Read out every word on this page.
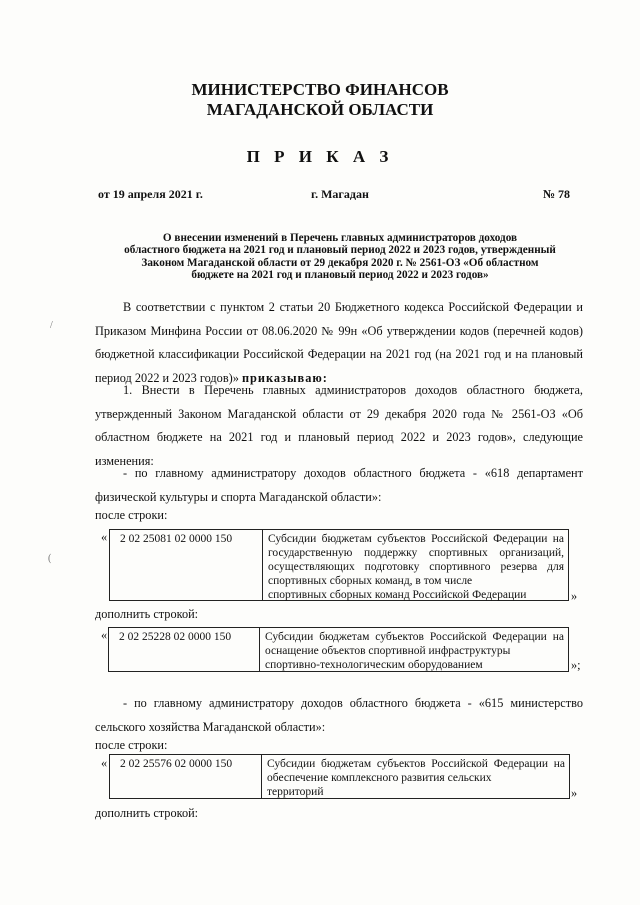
МИНИСТЕРСТВО ФИНАНСОВ
МАГАДАНСКОЙ ОБЛАСТИ
П Р И К А З
от 19 апреля 2021 г.	г. Магадан	№ 78
О внесении изменений в Перечень главных администраторов доходов
областного бюджета на 2021 год и плановый период 2022 и 2023 годов, утвержденный
Законом Магаданской области от 29 декабря 2020 г. № 2561-ОЗ «Об областном
бюджете на 2021 год и плановый период 2022 и 2023 годов»
В соответствии с пунктом 2 статьи 20 Бюджетного кодекса Российской Федерации и Приказом Минфина России от 08.06.2020 № 99н «Об утверждении кодов (перечней кодов) бюджетной классификации Российской Федерации на 2021 год (на 2021 год и на плановый период 2022 и 2023 годов)» приказываю:
1. Внести в Перечень главных администраторов доходов областного бюджета, утвержденный Законом Магаданской области от 29 декабря 2020 года № 2561-ОЗ «Об областном бюджете на 2021 год и плановый период 2022 и 2023 годов», следующие изменения:
- по главному администратору доходов областного бюджета - «618 департамент физической культуры и спорта Магаданской области»:
после строки:
«	2 02 25081 02 0000 150	Субсидии бюджетам субъектов Российской Федерации на государственную поддержку спортивных организаций, осуществляющих подготовку спортивного резерва для спортивных сборных команд, в том числе
спортивных сборных команд Российской Федерации	»
дополнить строкой:
«	2 02 25228 02 0000 150	Субсидии бюджетам субъектов Российской Федерации на оснащение объектов спортивной инфраструктуры
спортивно-технологическим оборудованием	»;
- по главному администратору доходов областного бюджета - «615 министерство сельского хозяйства Магаданской области»:
после строки:
«	2 02 25576 02 0000 150	Субсидии бюджетам субъектов Российской Федерации на обеспечение комплексного развития сельских
территорий	»
дополнить строкой:
/
(
